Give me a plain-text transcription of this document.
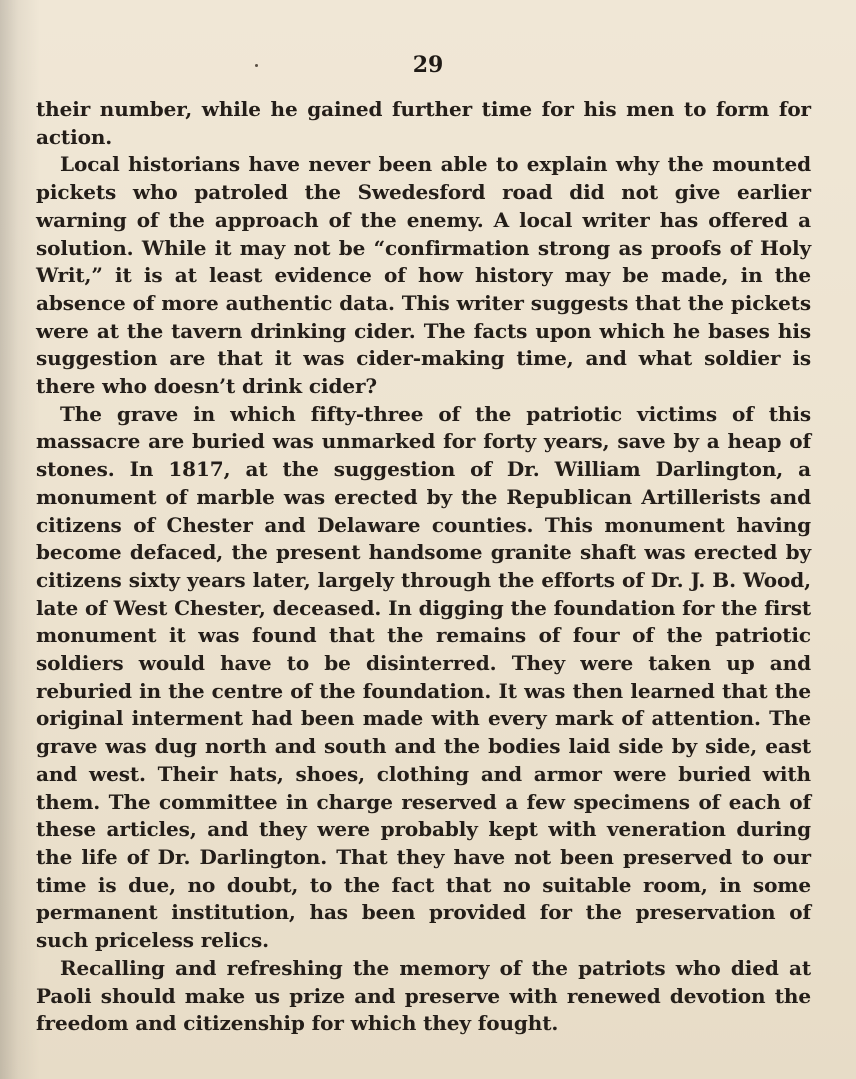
29

their number, while he gained further time for his men to form for action.

Local historians have never been able to explain why the mounted pickets who patroled the Swedesford road did not give earlier warning of the approach of the enemy. A local writer has offered a solution. While it may not be “confirmation strong as proofs of Holy Writ,” it is at least evidence of how history may be made, in the absence of more authentic data. This writer suggests that the pickets were at the tavern drinking cider. The facts upon which he bases his suggestion are that it was cider-making time, and what soldier is there who doesn’t drink cider?

The grave in which fifty-three of the patriotic victims of this massacre are buried was unmarked for forty years, save by a heap of stones. In 1817, at the suggestion of Dr. William Darlington, a monument of marble was erected by the Republican Artillerists and citizens of Chester and Delaware counties. This monument having become defaced, the present handsome granite shaft was erected by citizens sixty years later, largely through the efforts of Dr. J. B. Wood, late of West Chester, deceased. In digging the foundation for the first monument it was found that the remains of four of the patriotic soldiers would have to be disinterred. They were taken up and reburied in the centre of the foundation. It was then learned that the original interment had been made with every mark of attention. The grave was dug north and south and the bodies laid side by side, east and west. Their hats, shoes, clothing and armor were buried with them. The committee in charge reserved a few specimens of each of these articles, and they were probably kept with veneration during the life of Dr. Darlington. That they have not been preserved to our time is due, no doubt, to the fact that no suitable room, in some permanent institution, has been provided for the preservation of such priceless relics.

Recalling and refreshing the memory of the patriots who died at Paoli should make us prize and preserve with renewed devotion the freedom and citizenship for which they fought.
